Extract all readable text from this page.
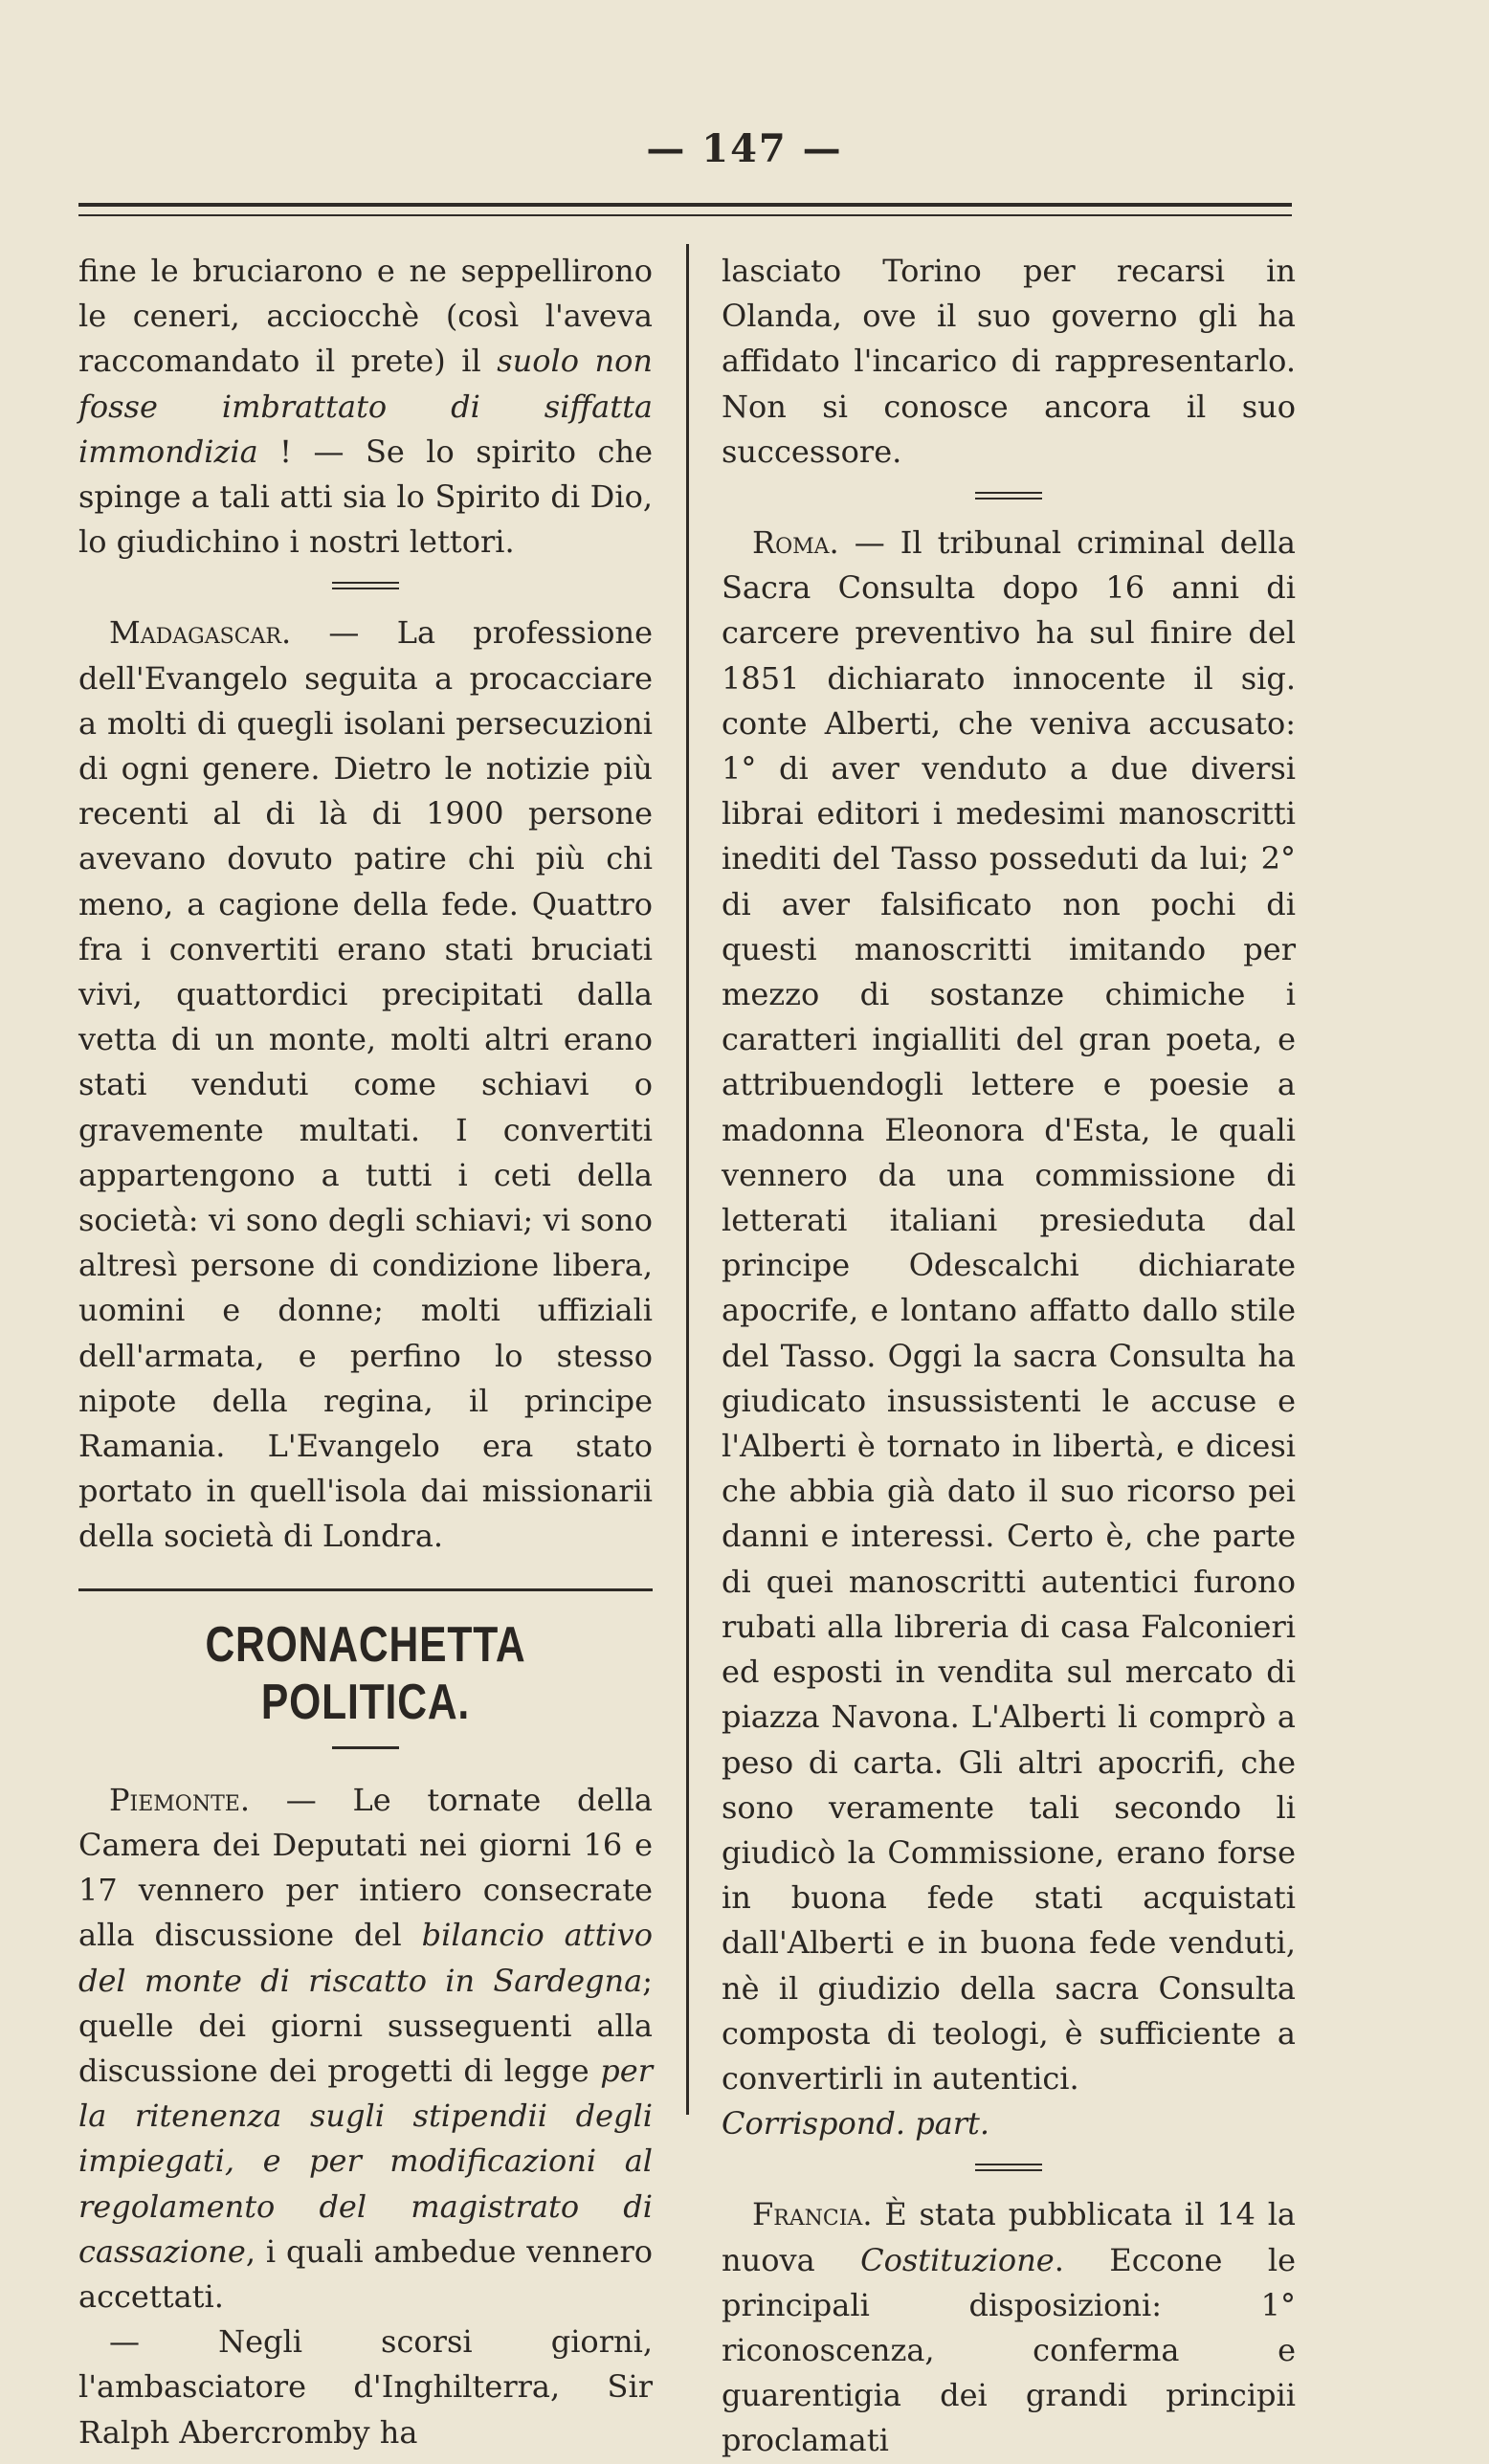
— 147 —

fine le bruciarono e ne seppellirono le ceneri, acciocchè (così l'aveva raccomandato il prete) il suolo non fosse imbrattato di siffatta immondizia ! — Se lo spirito che spinge a tali atti sia lo Spirito di Dio, lo giudichino i nostri lettori.

Madagascar. — La professione dell'Evangelo seguita a procacciare a molti di quegli isolani persecuzioni di ogni genere. Dietro le notizie più recenti al di là di 1900 persone avevano dovuto patire chi più chi meno, a cagione della fede. Quattro fra i convertiti erano stati bruciati vivi, quattordici precipitati dalla vetta di un monte, molti altri erano stati venduti come schiavi o gravemente multati. I convertiti appartengono a tutti i ceti della società: vi sono degli schiavi; vi sono altresì persone di condizione libera, uomini e donne; molti uffiziali dell'armata, e perfino lo stesso nipote della regina, il principe Ramania. L'Evangelo era stato portato in quell'isola dai missionarii della società di Londra.

CRONACHETTA POLITICA.

Piemonte. — Le tornate della Camera dei Deputati nei giorni 16 e 17 vennero per intiero consecrate alla discussione del bilancio attivo del monte di riscatto in Sardegna; quelle dei giorni susseguenti alla discussione dei progetti di legge per la ritenenza sugli stipendii degli impiegati, e per modificazioni al regolamento del magistrato di cassazione, i quali ambedue vennero accettati.

— Negli scorsi giorni, l'ambasciatore d'Inghilterra, Sir Ralph Abercromby ha

lasciato Torino per recarsi in Olanda, ove il suo governo gli ha affidato l'incarico di rappresentarlo. Non si conosce ancora il suo successore.

Roma. — Il tribunal criminal della Sacra Consulta dopo 16 anni di carcere preventivo ha sul finire del 1851 dichiarato innocente il sig. conte Alberti, che veniva accusato: 1° di aver venduto a due diversi librai editori i medesimi manoscritti inediti del Tasso posseduti da lui; 2° di aver falsificato non pochi di questi manoscritti imitando per mezzo di sostanze chimiche i caratteri ingialliti del gran poeta, e attribuendogli lettere e poesie a madonna Eleonora d'Esta, le quali vennero da una commissione di letterati italiani presieduta dal principe Odescalchi dichiarate apocrife, e lontano affatto dallo stile del Tasso. Oggi la sacra Consulta ha giudicato insussistenti le accuse e l'Alberti è tornato in libertà, e dicesi che abbia già dato il suo ricorso pei danni e interessi. Certo è, che parte di quei manoscritti autentici furono rubati alla libreria di casa Falconieri ed esposti in vendita sul mercato di piazza Navona. L'Alberti li comprò a peso di carta. Gli altri apocrifi, che sono veramente tali secondo li giudicò la Commissione, erano forse in buona fede stati acquistati dall'Alberti e in buona fede venduti, nè il giudizio della sacra Consulta composta di teologi, è sufficiente a convertirli in autentici.

Corrispond. part.

Francia. È stata pubblicata il 14 la nuova Costituzione. Eccone le principali disposizioni: 1° riconoscenza, conferma e guarentigia dei grandi principii proclamati
